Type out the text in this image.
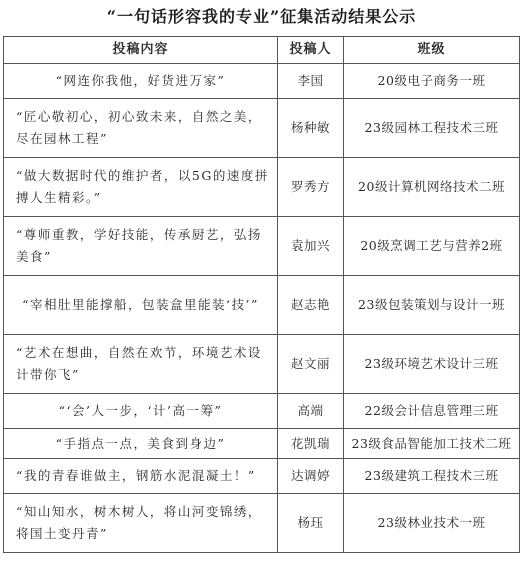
“一句话形容我的专业”征集活动结果公示
投稿内容	投稿人	班级
“网连你我他，好货进万家”	李国	20级电子商务一班
“匠心敬初心，初心致未来，自然之美，尽在园林工程”	杨种敏	23级园林工程技术三班
“做大数据时代的维护者，以5G的速度拼搏人生精彩。”	罗秀方	20级计算机网络技术二班
“尊师重教，学好技能，传承厨艺，弘扬美食”	袁加兴	20级烹调工艺与营养2班
“宰相肚里能撑船，包装盒里能装‘技’”	赵志艳	23级包装策划与设计一班
“艺术在想曲，自然在欢节，环境艺术设计带你飞”	赵文丽	23级环境艺术设计三班
“‘会’人一步，‘计’高一筹”	高端	22级会计信息管理三班
“手指点一点，美食到身边”	花凯瑞	23级食品智能加工技术二班
“我的青春谁做主，钢筋水泥混凝土！”	达调婷	23级建筑工程技术三班
“知山知水，树木树人，将山河变锦绣，将国土变丹青”	杨珏	23级林业技术一班
